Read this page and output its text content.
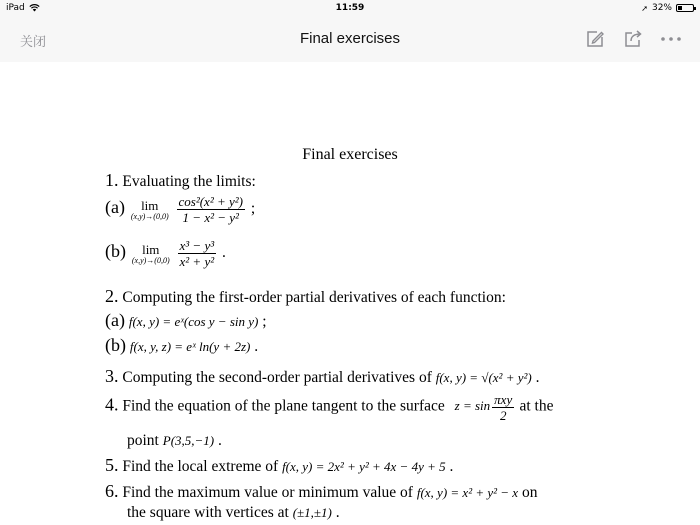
iPad	11:59	➚ 32%
关闭	Final exercises
Final exercises
1. Evaluating the limits:
(a) lim
(x,y)→(0,0)
$\frac{\text{cos²(x² + y²)}}{\text{1 − x² − y²}}$ ;
(b) lim
(x,y)→(0,0)
$\frac{\text{x³ − y³}}{\text{x² + y²}}$ .
2. Computing the first-order partial derivatives of each function:
(a) f(x, y) = eˣ(cos y − sin y) ;
(b) f(x, y, z) = eˣ ln(y + 2z) .
3. Computing the second-order partial derivatives of f(x, y) = √(x² + y²) .
4. Find the equation of the plane tangent to the surface $z = \sin \frac{\text{πxy}}{2}$ at the
point P(3,5,−1) .
5. Find the local extreme of f(x, y) = 2x² + y² + 4x − 4y + 5 .
6. Find the maximum value or minimum value of f(x, y) = x² + y² − x on
the square with vertices at (±1,±1) .
